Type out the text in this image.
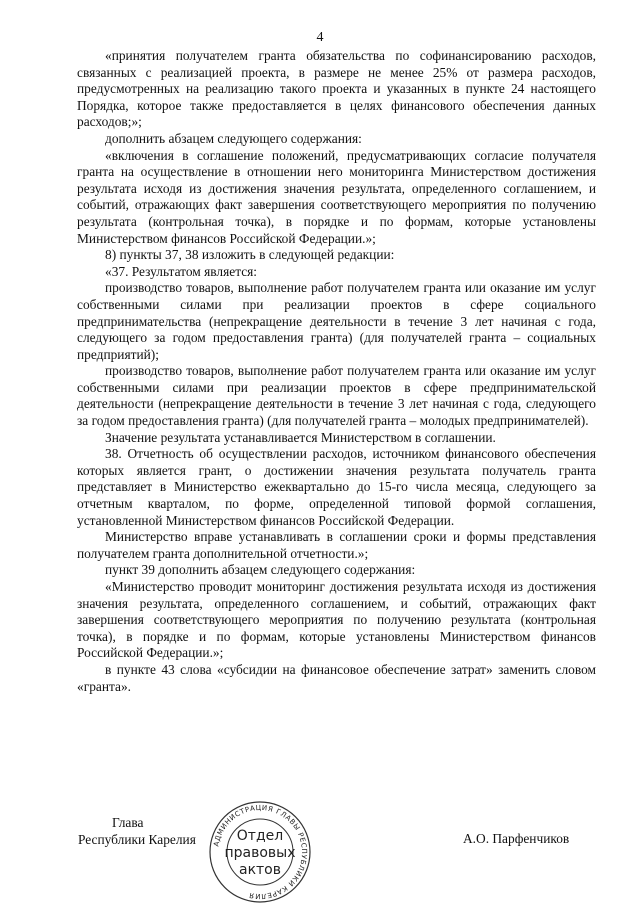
4

«принятия получателем гранта обязательства по софинансированию расходов, связанных с реализацией проекта, в размере не менее 25% от размера расходов, предусмотренных на реализацию такого проекта и указанных в пункте 24 настоящего Порядка, которое также предоставляется в целях финансового обеспечения данных расходов;»;

дополнить абзацем следующего содержания:

«включения в соглашение положений, предусматривающих согласие получателя гранта на осуществление в отношении него мониторинга Министерством достижения результата исходя из достижения значения результата, определенного соглашением, и событий, отражающих факт завершения соответствующего мероприятия по получению результата (контрольная точка), в порядке и по формам, которые установлены Министерством финансов Российской Федерации.»;

8) пункты 37, 38 изложить в следующей редакции:

«37. Результатом является:

производство товаров, выполнение работ получателем гранта или оказание им услуг собственными силами при реализации проектов в сфере социального предпринимательства (непрекращение деятельности в течение 3 лет начиная с года, следующего за годом предоставления гранта) (для получателей гранта – социальных предприятий);

производство товаров, выполнение работ получателем гранта или оказание им услуг собственными силами при реализации проектов в сфере предпринимательской деятельности (непрекращение деятельности в течение 3 лет начиная с года, следующего за годом предоставления гранта) (для получателей гранта – молодых предпринимателей).

Значение результата устанавливается Министерством в соглашении.

38. Отчетность об осуществлении расходов, источником финансового обеспечения которых является грант, о достижении значения результата получатель гранта представляет в Министерство ежеквартально до 15-го числа месяца, следующего за отчетным кварталом, по форме, определенной типовой формой соглашения, установленной Министерством финансов Российской Федерации.

Министерство вправе устанавливать в соглашении сроки и формы представления получателем гранта дополнительной отчетности.»;

пункт 39 дополнить абзацем следующего содержания:

«Министерство проводит мониторинг достижения результата исходя из достижения значения результата, определенного соглашением, и событий, отражающих факт завершения соответствующего мероприятия по получению результата (контрольная точка), в порядке и по формам, которые установлены Министерством финансов Российской Федерации.»;

в пункте 43 слова «субсидии на финансовое обеспечение затрат» заменить словом «гранта».

Глава
Республики Карелия АДМИНИСТРАЦИЯ ГЛАВЫ РЕСПУБЛИКИ КАРЕЛИЯ
Отдел
правовых
актов
А.О. Парфенчиков
